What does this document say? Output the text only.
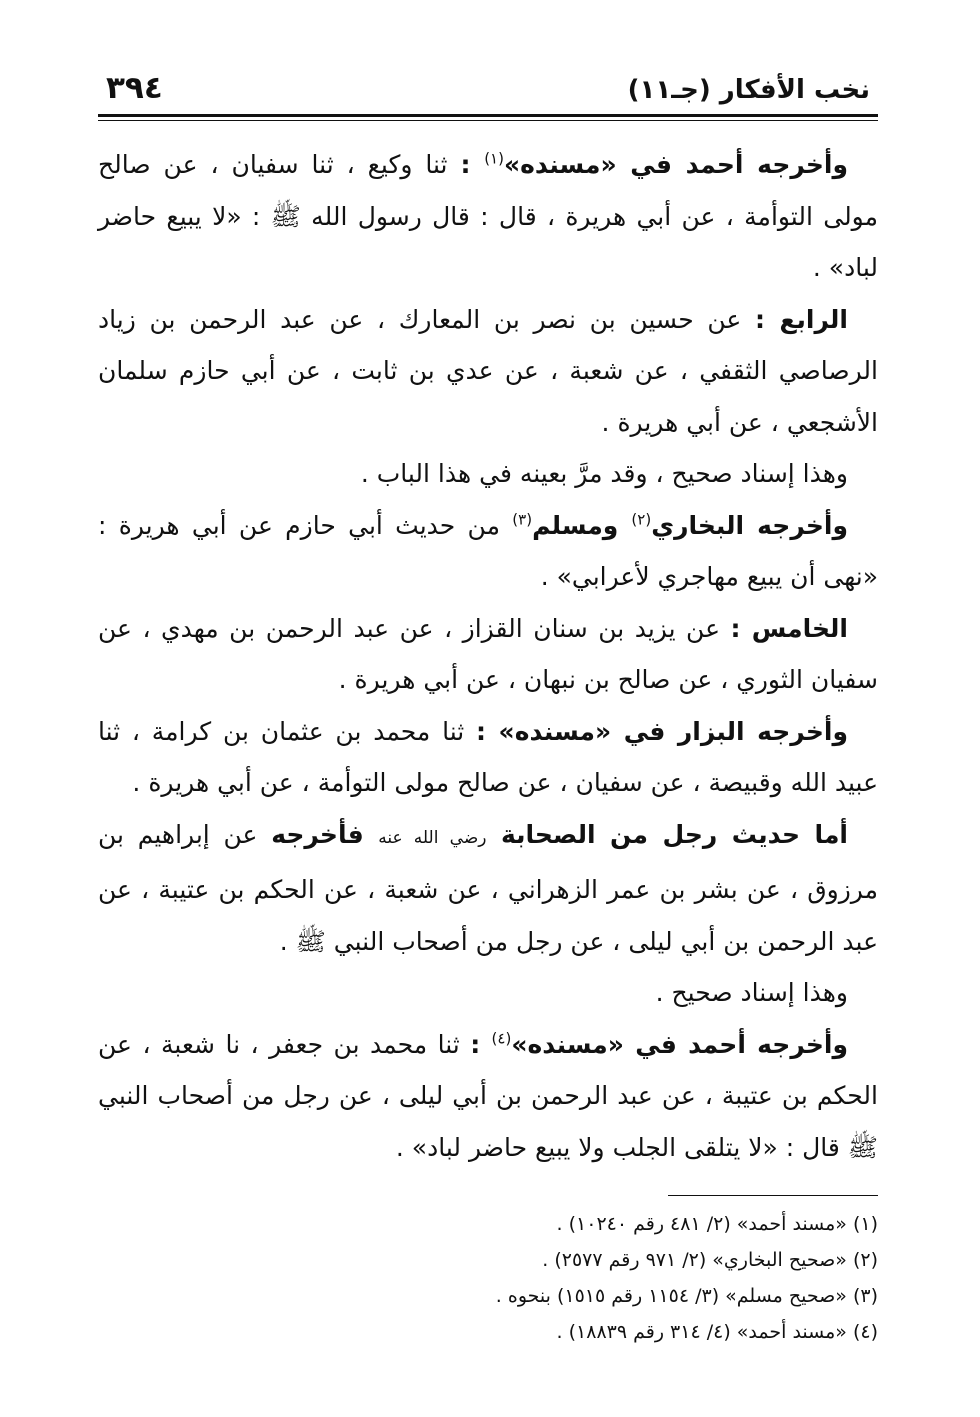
٣٩٤	نخب الأفكار (جـ١١)

وأخرجه أحمد في «مسنده»$^{(١)}$ : ثنا وكيع ، ثنا سفيان ، عن صالح مولى التوأمة ، عن أبي هريرة ، قال : قال رسول الله ﷺ : «لا يبيع حاضر لباد» .

الرابع : عن حسين بن نصر بن المعارك ، عن عبد الرحمن بن زياد الرصاصي الثقفي ، عن شعبة ، عن عدي بن ثابت ، عن أبي حازم سلمان الأشجعي ، عن أبي هريرة .

وهذا إسناد صحيح ، وقد مرَّ بعينه في هذا الباب .

وأخرجه البخاري$^{(٢)}$ ومسلم$^{(٣)}$ من حديث أبي حازم عن أبي هريرة : «نهى أن يبيع مهاجري لأعرابي» .

الخامس : عن يزيد بن سنان القزاز ، عن عبد الرحمن بن مهدي ، عن سفيان الثوري ، عن صالح بن نبهان ، عن أبي هريرة .

وأخرجه البزار في «مسنده» : ثنا محمد بن عثمان بن كرامة ، ثنا عبيد الله وقبيصة ، عن سفيان ، عن صالح مولى التوأمة ، عن أبي هريرة .

أما حديث رجل من الصحابة رضي الله عنه فأخرجه عن إبراهيم بن مرزوق ، عن بشر بن عمر الزهراني ، عن شعبة ، عن الحكم بن عتيبة ، عن عبد الرحمن بن أبي ليلى ، عن رجل من أصحاب النبي ﷺ .

وهذا إسناد صحيح .

وأخرجه أحمد في «مسنده»$^{(٤)}$ : ثنا محمد بن جعفر ، نا شعبة ، عن الحكم بن عتيبة ، عن عبد الرحمن بن أبي ليلى ، عن رجل من أصحاب النبي ﷺ قال : «لا يتلقى الجلب ولا يبيع حاضر لباد» .

(١) «مسند أحمد» (٢/ ٤٨١ رقم ١٠٢٤٠) .
(٢) «صحيح البخاري» (٢/ ٩٧١ رقم ٢٥٧٧) .
(٣) «صحيح مسلم» (٣/ ١١٥٤ رقم ١٥١٥) بنحوه .
(٤) «مسند أحمد» (٤/ ٣١٤ رقم ١٨٨٣٩) .
